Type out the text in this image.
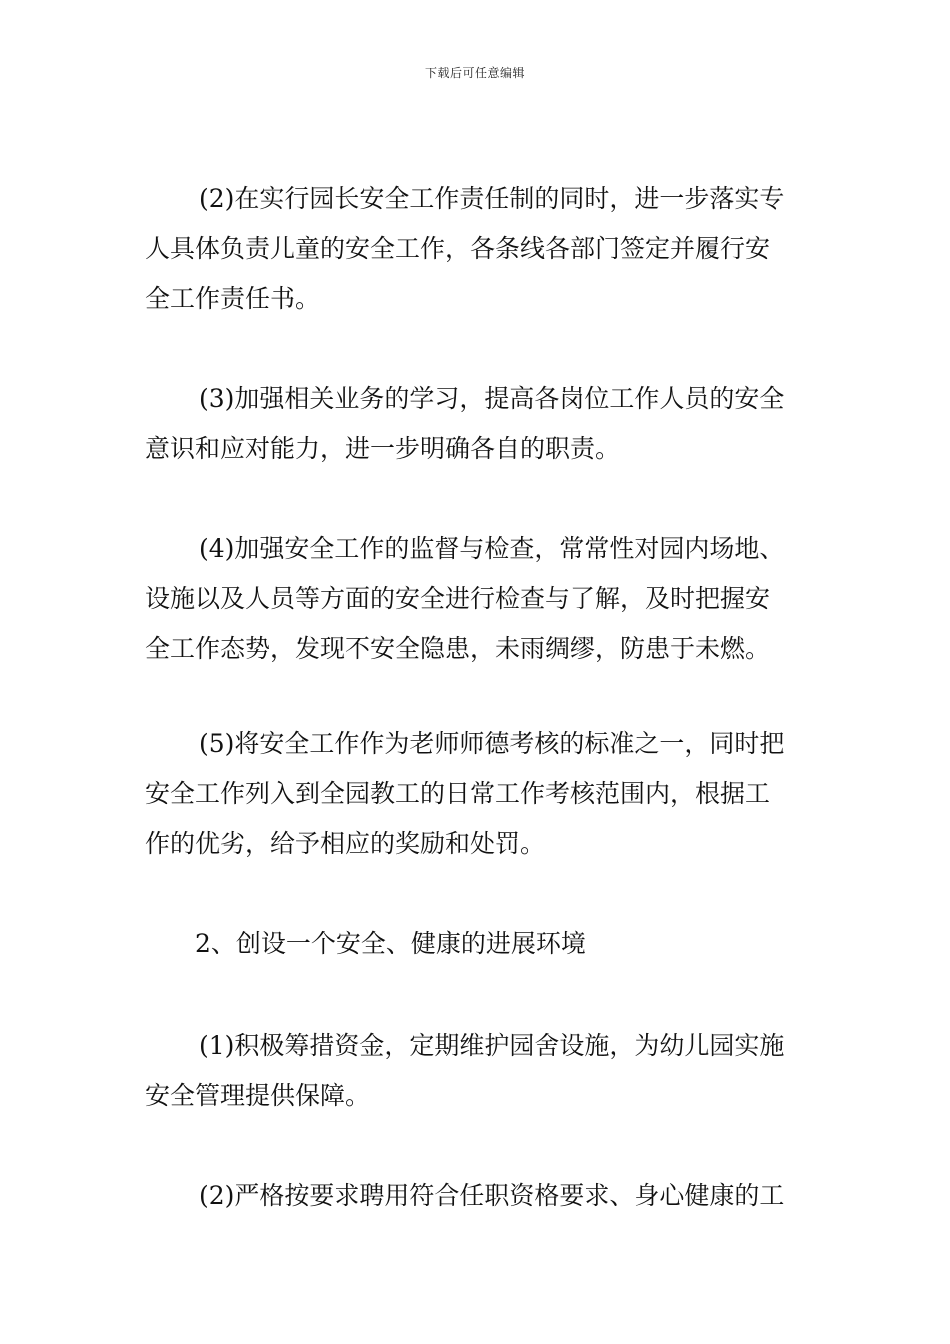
下载后可任意编辑
(2)在实行园长安全工作责任制的同时，进一步落实专
人具体负责儿童的安全工作，各条线各部门签定并履行安
全工作责任书。
(3)加强相关业务的学习，提高各岗位工作人员的安全
意识和应对能力，进一步明确各自的职责。
(4)加强安全工作的监督与检查，常常性对园内场地、
设施以及人员等方面的安全进行检查与了解，及时把握安
全工作态势，发现不安全隐患，未雨绸缪，防患于未燃。
(5)将安全工作作为老师师德考核的标准之一，同时把
安全工作列入到全园教工的日常工作考核范围内，根据工
作的优劣，给予相应的奖励和处罚。
2、创设一个安全、健康的进展环境
(1)积极筹措资金，定期维护园舍设施，为幼儿园实施
安全管理提供保障。
(2)严格按要求聘用符合任职资格要求、身心健康的工
